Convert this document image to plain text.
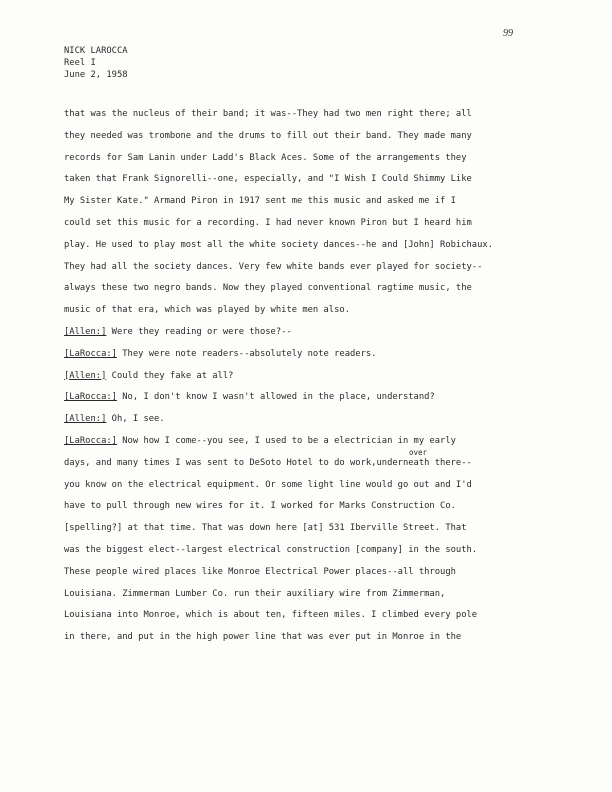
99
NICK LAROCCA
Reel I
June 2, 1958
that was the nucleus of their band; it was--They had two men right there; all
they needed was trombone and the drums to fill out their band. They made many
records for Sam Lanin under Ladd's Black Aces. Some of the arrangements they
taken that Frank Signorelli--one, especially, and "I Wish I Could Shimmy Like
My Sister Kate." Armand Piron in 1917 sent me this music and asked me if I
could set this music for a recording. I had never known Piron but I heard him
play. He used to play most all the white society dances--he and [John] Robichaux.
They had all the society dances. Very few white bands ever played for society--
always these two negro bands. Now they played conventional ragtime music, the
music of that era, which was played by white men also.
[Allen:] Were they reading or were those?--
[LaRocca:] They were note readers--absolutely note readers.
[Allen:] Could they fake at all?
[LaRocca:] No, I don't know I wasn't allowed in the place, understand?
[Allen:] Oh, I see.
[LaRocca:] Now how I come--you see, I used to be a electrician in my early
over
days, and many times I was sent to DeSoto Hotel to do work,underneath there--
you know on the electrical equipment. Or some light line would go out and I'd
have to pull through new wires for it. I worked for Marks Construction Co.
[spelling?] at that time. That was down here [at] 531 Iberville Street. That
was the biggest elect--largest electrical construction [company] in the south.
These people wired places like Monroe Electrical Power places--all through
Louisiana. Zimmerman Lumber Co. run their auxiliary wire from Zimmerman,
Louisiana into Monroe, which is about ten, fifteen miles. I climbed every pole
in there, and put in the high power line that was ever put in Monroe in the
